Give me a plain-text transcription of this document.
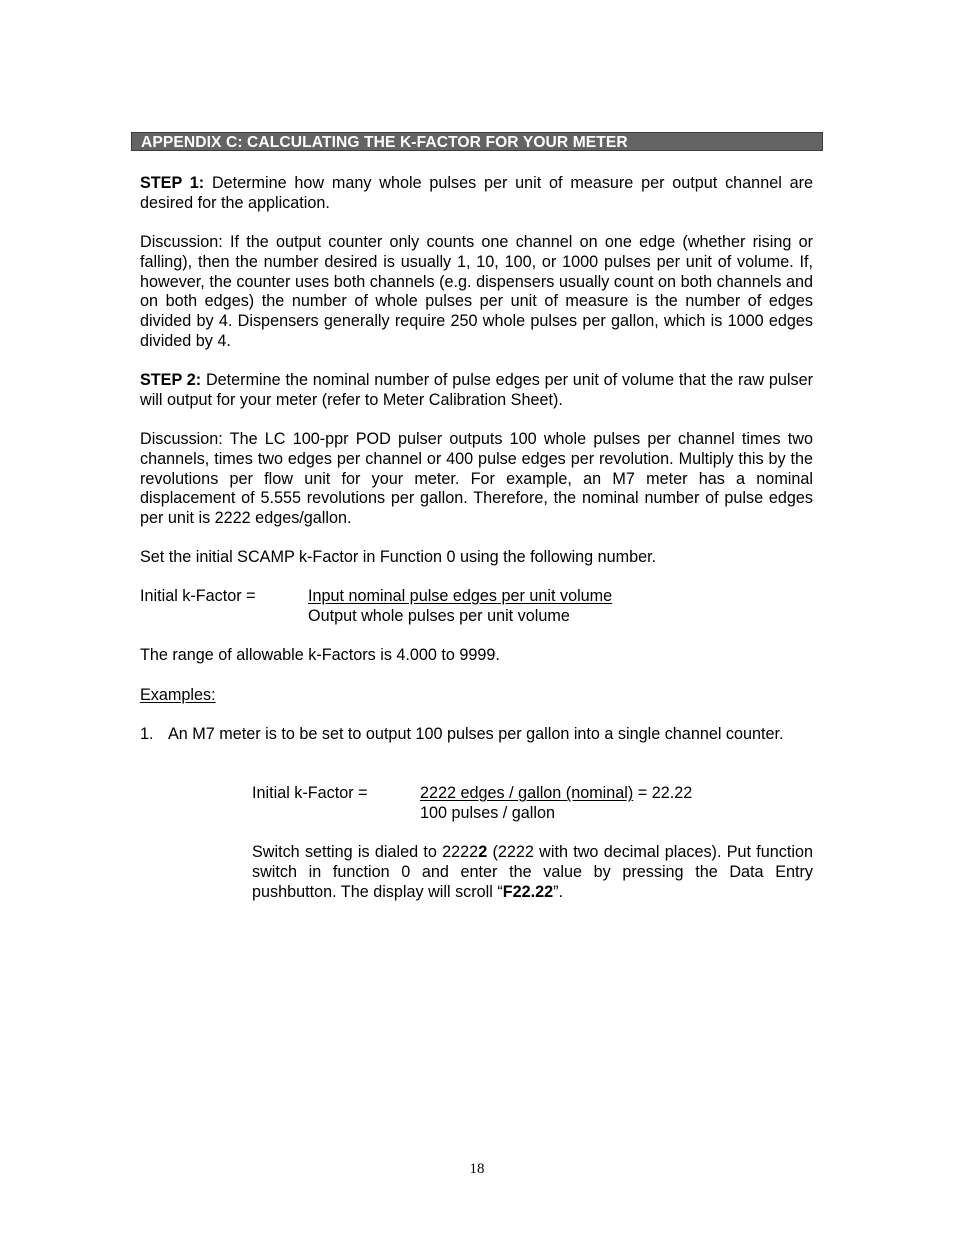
APPENDIX C: CALCULATING THE K-FACTOR FOR YOUR METER

STEP 1: Determine how many whole pulses per unit of measure per output channel are desired for the application.

Discussion: If the output counter only counts one channel on one edge (whether rising or falling), then the number desired is usually 1, 10, 100, or 1000 pulses per unit of volume. If, however, the counter uses both channels (e.g. dispensers usually count on both channels and on both edges) the number of whole pulses per unit of measure is the number of edges divided by 4. Dispensers generally require 250 whole pulses per gallon, which is 1000 edges divided by 4.

STEP 2: Determine the nominal number of pulse edges per unit of volume that the raw pulser will output for your meter (refer to Meter Calibration Sheet).

Discussion: The LC 100-ppr POD pulser outputs 100 whole pulses per channel times two channels, times two edges per channel or 400 pulse edges per revolution. Multiply this by the revolutions per flow unit for your meter. For example, an M7 meter has a nominal displacement of 5.555 revolutions per gallon. Therefore, the nominal number of pulse edges per unit is 2222 edges/gallon.

Set the initial SCAMP k-Factor in Function 0 using the following number.

Initial k-Factor =	Input nominal pulse edges per unit volume
Output whole pulses per unit volume

The range of allowable k-Factors is 4.000 to 9999.

Examples:

1. An M7 meter is to be set to output 100 pulses per gallon into a single channel counter.
Initial k-Factor =	2222 edges / gallon (nominal) = 22.22
100 pulses / gallon

Switch setting is dialed to 22222 (2222 with two decimal places). Put function switch in function 0 and enter the value by pressing the Data Entry pushbutton. The display will scroll “F22.22”.

18
